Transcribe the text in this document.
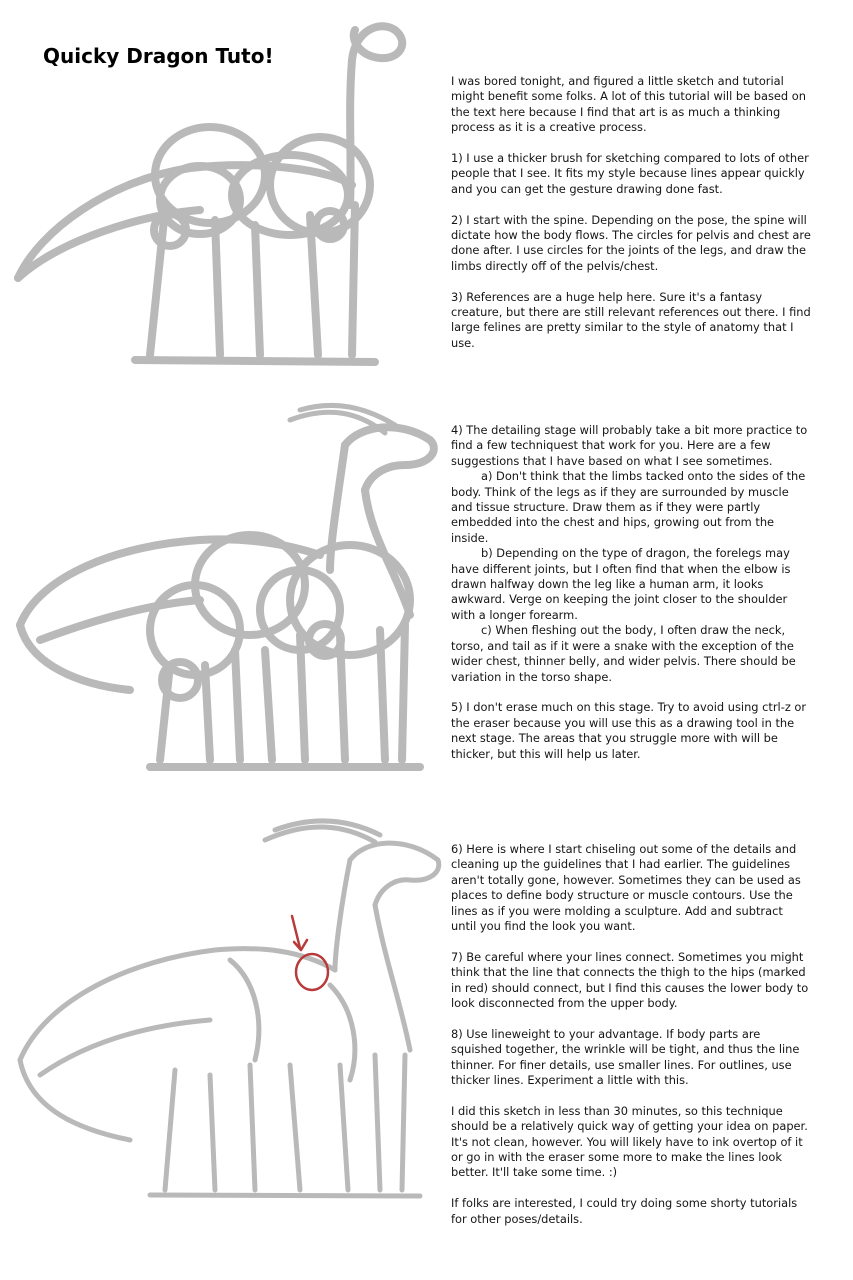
Quicky Dragon Tuto!

I was bored tonight, and figured a little sketch and tutorial might benefit some folks. A lot of this tutorial will be based on the text here because I find that art is as much a thinking process as it is a creative process.

1) I use a thicker brush for sketching compared to lots of other people that I see. It fits my style because lines appear quickly and you can get the gesture drawing done fast.

2) I start with the spine. Depending on the pose, the spine will dictate how the body flows. The circles for pelvis and chest are done after. I use circles for the joints of the legs, and draw the limbs directly off of the pelvis/chest.

3) References are a huge help here. Sure it's a fantasy creature, but there are still relevant references out there. I find large felines are pretty similar to the style of anatomy that I use.

4) The detailing stage will probably take a bit more practice to find a few techniquest that work for you. Here are a few suggestions that I have based on what I see sometimes.

a) Don't think that the limbs tacked onto the sides of the body. Think of the legs as if they are surrounded by muscle and tissue structure. Draw them as if they were partly embedded into the chest and hips, growing out from the inside.

b) Depending on the type of dragon, the forelegs may have different joints, but I often find that when the elbow is drawn halfway down the leg like a human arm, it looks awkward. Verge on keeping the joint closer to the shoulder with a longer forearm.

c) When fleshing out the body, I often draw the neck, torso, and tail as if it were a snake with the exception of the wider chest, thinner belly, and wider pelvis. There should be variation in the torso shape.

5) I don't erase much on this stage. Try to avoid using ctrl-z or the eraser because you will use this as a drawing tool in the next stage. The areas that you struggle more with will be thicker, but this will help us later.

6) Here is where I start chiseling out some of the details and cleaning up the guidelines that I had earlier. The guidelines aren't totally gone, however. Sometimes they can be used as places to define body structure or muscle contours. Use the lines as if you were molding a sculpture. Add and subtract until you find the look you want.

7) Be careful where your lines connect. Sometimes you might think that the line that connects the thigh to the hips (marked in red) should connect, but I find this causes the lower body to look disconnected from the upper body.

8) Use lineweight to your advantage. If body parts are squished together, the wrinkle will be tight, and thus the line thinner. For finer details, use smaller lines. For outlines, use thicker lines. Experiment a little with this.

I did this sketch in less than 30 minutes, so this technique should be a relatively quick way of getting your idea on paper. It's not clean, however. You will likely have to ink overtop of it or go in with the eraser some more to make the lines look better. It'll take some time. :)

If folks are interested, I could try doing some shorty tutorials for other poses/details.
